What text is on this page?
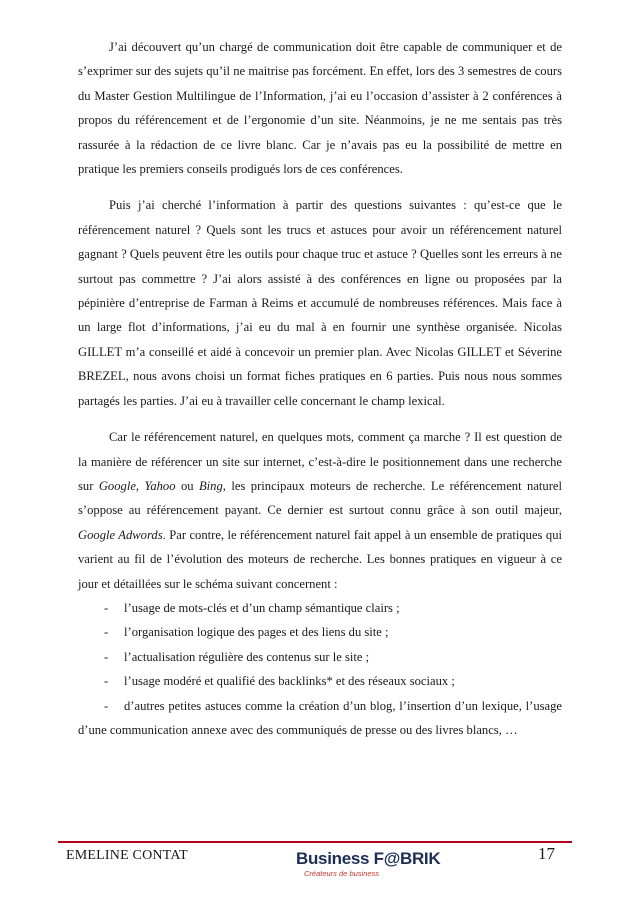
J’ai découvert qu’un chargé de communication doit être capable de communiquer et de s’exprimer sur des sujets qu’il ne maitrise pas forcément. En effet, lors des 3 semestres de cours du Master Gestion Multilingue de l’Information, j’ai eu l’occasion d’assister à 2 conférences à propos du référencement et de l’ergonomie d’un site. Néanmoins, je ne me sentais pas très rassurée à la rédaction de ce livre blanc. Car je n’avais pas eu la possibilité de mettre en pratique les premiers conseils prodigués lors de ces conférences.

Puis j’ai cherché l’information à partir des questions suivantes : qu’est-ce que le référencement naturel ? Quels sont les trucs et astuces pour avoir un référencement naturel gagnant ? Quels peuvent être les outils pour chaque truc et astuce ? Quelles sont les erreurs à ne surtout pas commettre ? J’ai alors assisté à des conférences en ligne ou proposées par la pépinière d’entreprise de Farman à Reims et accumulé de nombreuses références. Mais face à un large flot d’informations, j’ai eu du mal à en fournir une synthèse organisée. Nicolas GILLET m’a conseillé et aidé à concevoir un premier plan. Avec Nicolas GILLET et Séverine BREZEL, nous avons choisi un format fiches pratiques en 6 parties. Puis nous nous sommes partagés les parties. J’ai eu à travailler celle concernant le champ lexical.

Car le référencement naturel, en quelques mots, comment ça marche ? Il est question de la manière de référencer un site sur internet, c’est-à-dire le positionnement dans une recherche sur Google, Yahoo ou Bing, les principaux moteurs de recherche. Le référencement naturel s’oppose au référencement payant. Ce dernier est surtout connu grâce à son outil majeur, Google Adwords. Par contre, le référencement naturel fait appel à un ensemble de pratiques qui varient au fil de l’évolution des moteurs de recherche. Les bonnes pratiques en vigueur à ce jour et détaillées sur le schéma suivant concernent :

- l’usage de mots-clés et d’un champ sémantique clairs ;
- l’organisation logique des pages et des liens du site ;
- l’actualisation régulière des contenus sur le site ;
- l’usage modéré et qualifié des backlinks* et des réseaux sociaux ;

- d’autres petites astuces comme la création d’un blog, l’insertion d’un lexique, l’usage d’une communication annexe avec des communiqués de presse ou des livres blancs, …

EMELINE CONTAT	Business F@BRIK
Créateurs de business
17
